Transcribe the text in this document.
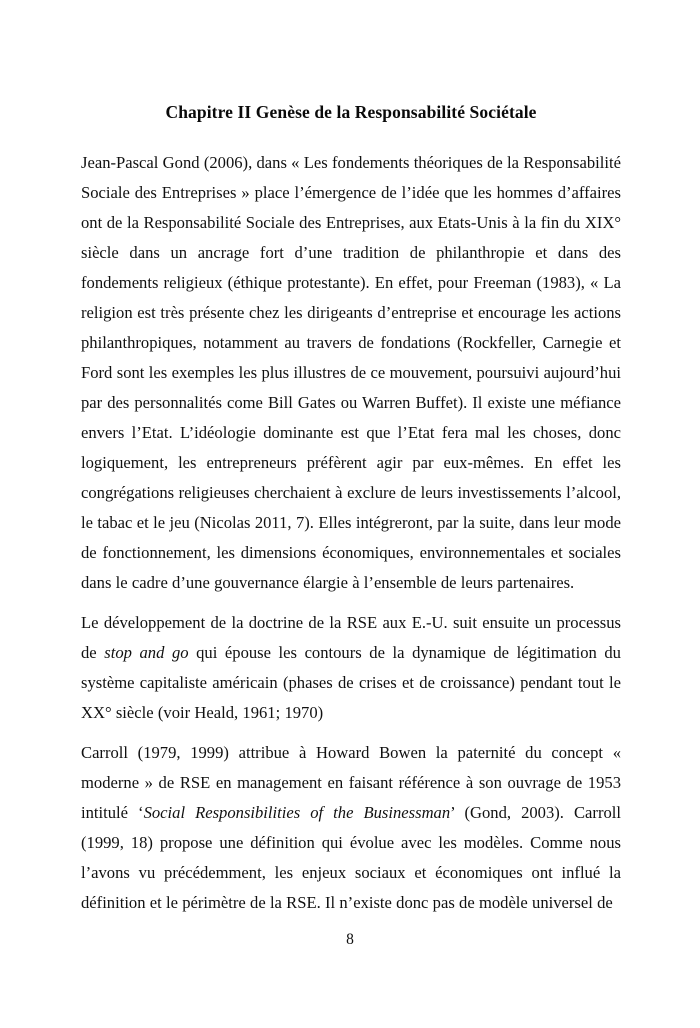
Chapitre II Genèse de la Responsabilité Sociétale

Jean-Pascal Gond (2006), dans « Les fondements théoriques de la Responsabilité Sociale des Entreprises » place l’émergence de l’idée que les hommes d’affaires ont de la Responsabilité Sociale des Entreprises, aux Etats-Unis à la fin du XIX° siècle dans un ancrage fort d’une tradition de philanthropie et dans des fondements religieux (éthique protestante). En effet, pour Freeman (1983), « La religion est très présente chez les dirigeants d’entreprise et encourage les actions philanthropiques, notamment au travers de fondations (Rockfeller, Carnegie et Ford sont les exemples les plus illustres de ce mouvement, poursuivi aujourd’hui par des personnalités come Bill Gates ou Warren Buffet). Il existe une méfiance envers l’Etat. L’idéologie dominante est que l’Etat fera mal les choses, donc logiquement, les entrepreneurs préfèrent agir par eux-mêmes. En effet les congrégations religieuses cherchaient à exclure de leurs investissements l’alcool, le tabac et le jeu (Nicolas 2011, 7). Elles intégreront, par la suite, dans leur mode de fonctionnement, les dimensions économiques, environnementales et sociales dans le cadre d’une gouvernance élargie à l’ensemble de leurs partenaires.

Le développement de la doctrine de la RSE aux E.-U. suit ensuite un processus de stop and go qui épouse les contours de la dynamique de légitimation du système capitaliste américain (phases de crises et de croissance) pendant tout le XX° siècle (voir Heald, 1961; 1970)

Carroll (1979, 1999) attribue à Howard Bowen la paternité du concept « moderne » de RSE en management en faisant référence à son ouvrage de 1953 intitulé ‘Social Responsibilities of the Businessman’ (Gond, 2003). Carroll (1999, 18) propose une définition qui évolue avec les modèles. Comme nous l’avons vu précédemment, les enjeux sociaux et économiques ont influé la définition et le périmètre de la RSE. Il n’existe donc pas de modèle universel de

8
